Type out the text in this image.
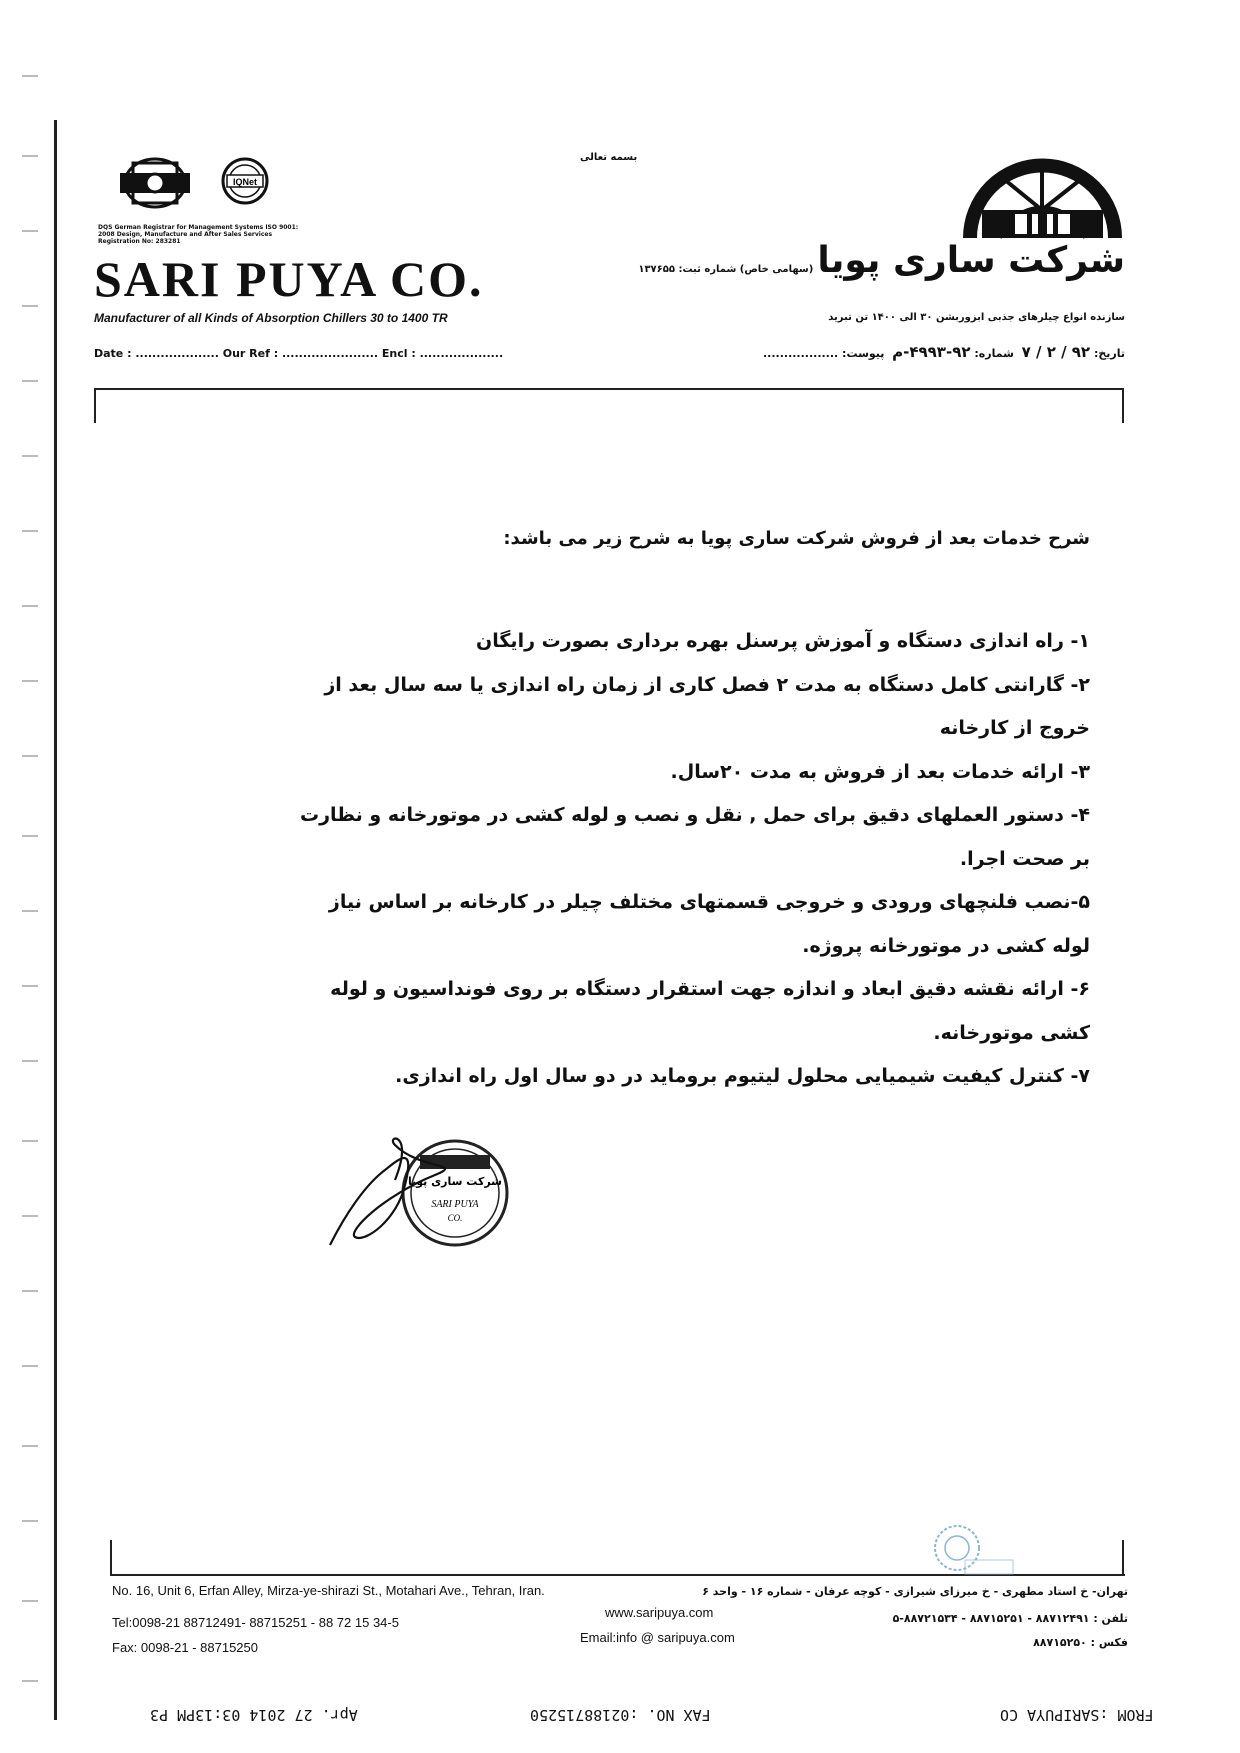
IQNet
DQS German Registrar for Management Systems ISO 9001: 2008 Design, Manufacture and After Sales Services Registration No: 283281
SARI PUYA CO.
Manufacturer of all Kinds of Absorption Chillers 30 to 1400 TR
Date : .................... Our Ref : ....................... Encl : ....................
بسمه تعالی
شرکت ساری پویا(سهامی خاص) شماره ثبت: ۱۳۷۶۵۵
سازنده انواع چیلرهای جذبی ابزوربشن ۳۰ الی ۱۴۰۰ تن تبرید
تاریخ: ۹۲ / ۲ / ۷  شماره: ۹۲-۴۹۹۳-م  پیوست: ..................
شرح خدمات بعد از فروش شرکت ساری پویا به شرح زیر می باشد:
۱- راه اندازی دستگاه و آموزش پرسنل بهره برداری بصورت رایگان
۲- گارانتی کامل دستگاه به مدت ۲ فصل کاری از زمان راه اندازی یا سه سال بعد از خروج از کارخانه
۳- ارائه خدمات بعد از فروش به مدت ۲۰سال.
۴- دستور العملهای دقیق برای حمل , نقل و نصب و لوله کشی در موتورخانه و نظارت بر صحت اجرا.
۵-نصب فلنچهای ورودی و خروجی قسمتهای مختلف چیلر در کارخانه بر اساس نیاز لوله کشی در موتورخانه پروژه.
۶- ارائه نقشه دقیق ابعاد و اندازه جهت استقرار دستگاه بر روی فونداسیون و لوله کشی موتورخانه.
۷- کنترل کیفیت شیمیایی محلول لیتیوم بروماید در دو سال اول راه اندازی.
شرکت ساری پویا
SARI PUYA
CO.
No. 16, Unit 6, Erfan Alley, Mirza-ye-shirazi St., Motahari Ave., Tehran, Iran.
Tel:0098-21 88712491- 88715251 - 88 72 15 34-5
Fax: 0098-21 - 88715250
www.saripuya.com
Email:info @ saripuya.com
تهران- خ استاد مطهری - خ میرزای شیرازی - کوچه عرفان - شماره ۱۶ - واحد ۶
تلفن : ۸۸۷۱۲۴۹۱ - ۸۸۷۱۵۲۵۱ - ۸۸۷۲۱۵۳۴-۵
فکس : ۸۸۷۱۵۲۵۰
FROM :SARIPUYA CO
FAX NO. :02188715250
Apr. 27 2014 03:13PM P3
